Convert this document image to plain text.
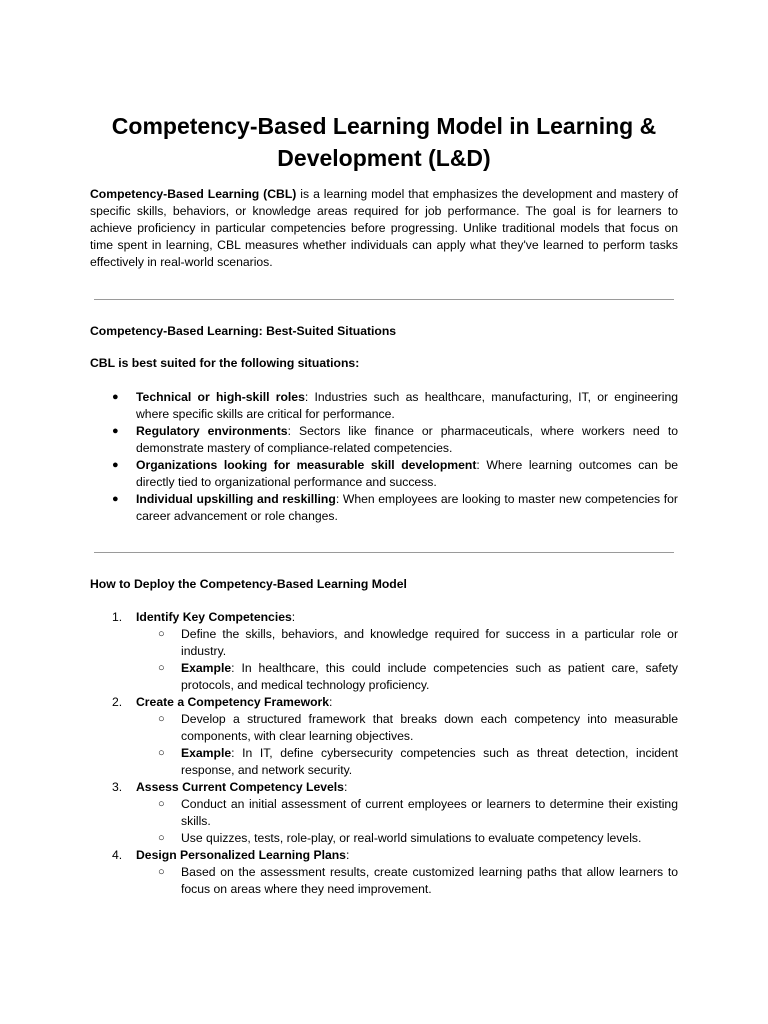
Competency-Based Learning Model in Learning & Development (L&D)

Competency-Based Learning (CBL) is a learning model that emphasizes the development and mastery of specific skills, behaviors, or knowledge areas required for job performance. The goal is for learners to achieve proficiency in particular competencies before progressing. Unlike traditional models that focus on time spent in learning, CBL measures whether individuals can apply what they've learned to perform tasks effectively in real-world scenarios.

Competency-Based Learning: Best-Suited Situations

CBL is best suited for the following situations:

● Technical or high-skill roles: Industries such as healthcare, manufacturing, IT, or engineering where specific skills are critical for performance.
● Regulatory environments: Sectors like finance or pharmaceuticals, where workers need to demonstrate mastery of compliance-related competencies.
● Organizations looking for measurable skill development: Where learning outcomes can be directly tied to organizational performance and success.
● Individual upskilling and reskilling: When employees are looking to master new competencies for career advancement or role changes.

How to Deploy the Competency-Based Learning Model

1. Identify Key Competencies:
○ Define the skills, behaviors, and knowledge required for success in a particular role or industry.
○ Example: In healthcare, this could include competencies such as patient care, safety protocols, and medical technology proficiency.
2. Create a Competency Framework:
○ Develop a structured framework that breaks down each competency into measurable components, with clear learning objectives.
○ Example: In IT, define cybersecurity competencies such as threat detection, incident response, and network security.
3. Assess Current Competency Levels:
○ Conduct an initial assessment of current employees or learners to determine their existing skills.
○ Use quizzes, tests, role-play, or real-world simulations to evaluate competency levels.
4. Design Personalized Learning Plans:
○ Based on the assessment results, create customized learning paths that allow learners to focus on areas where they need improvement.
